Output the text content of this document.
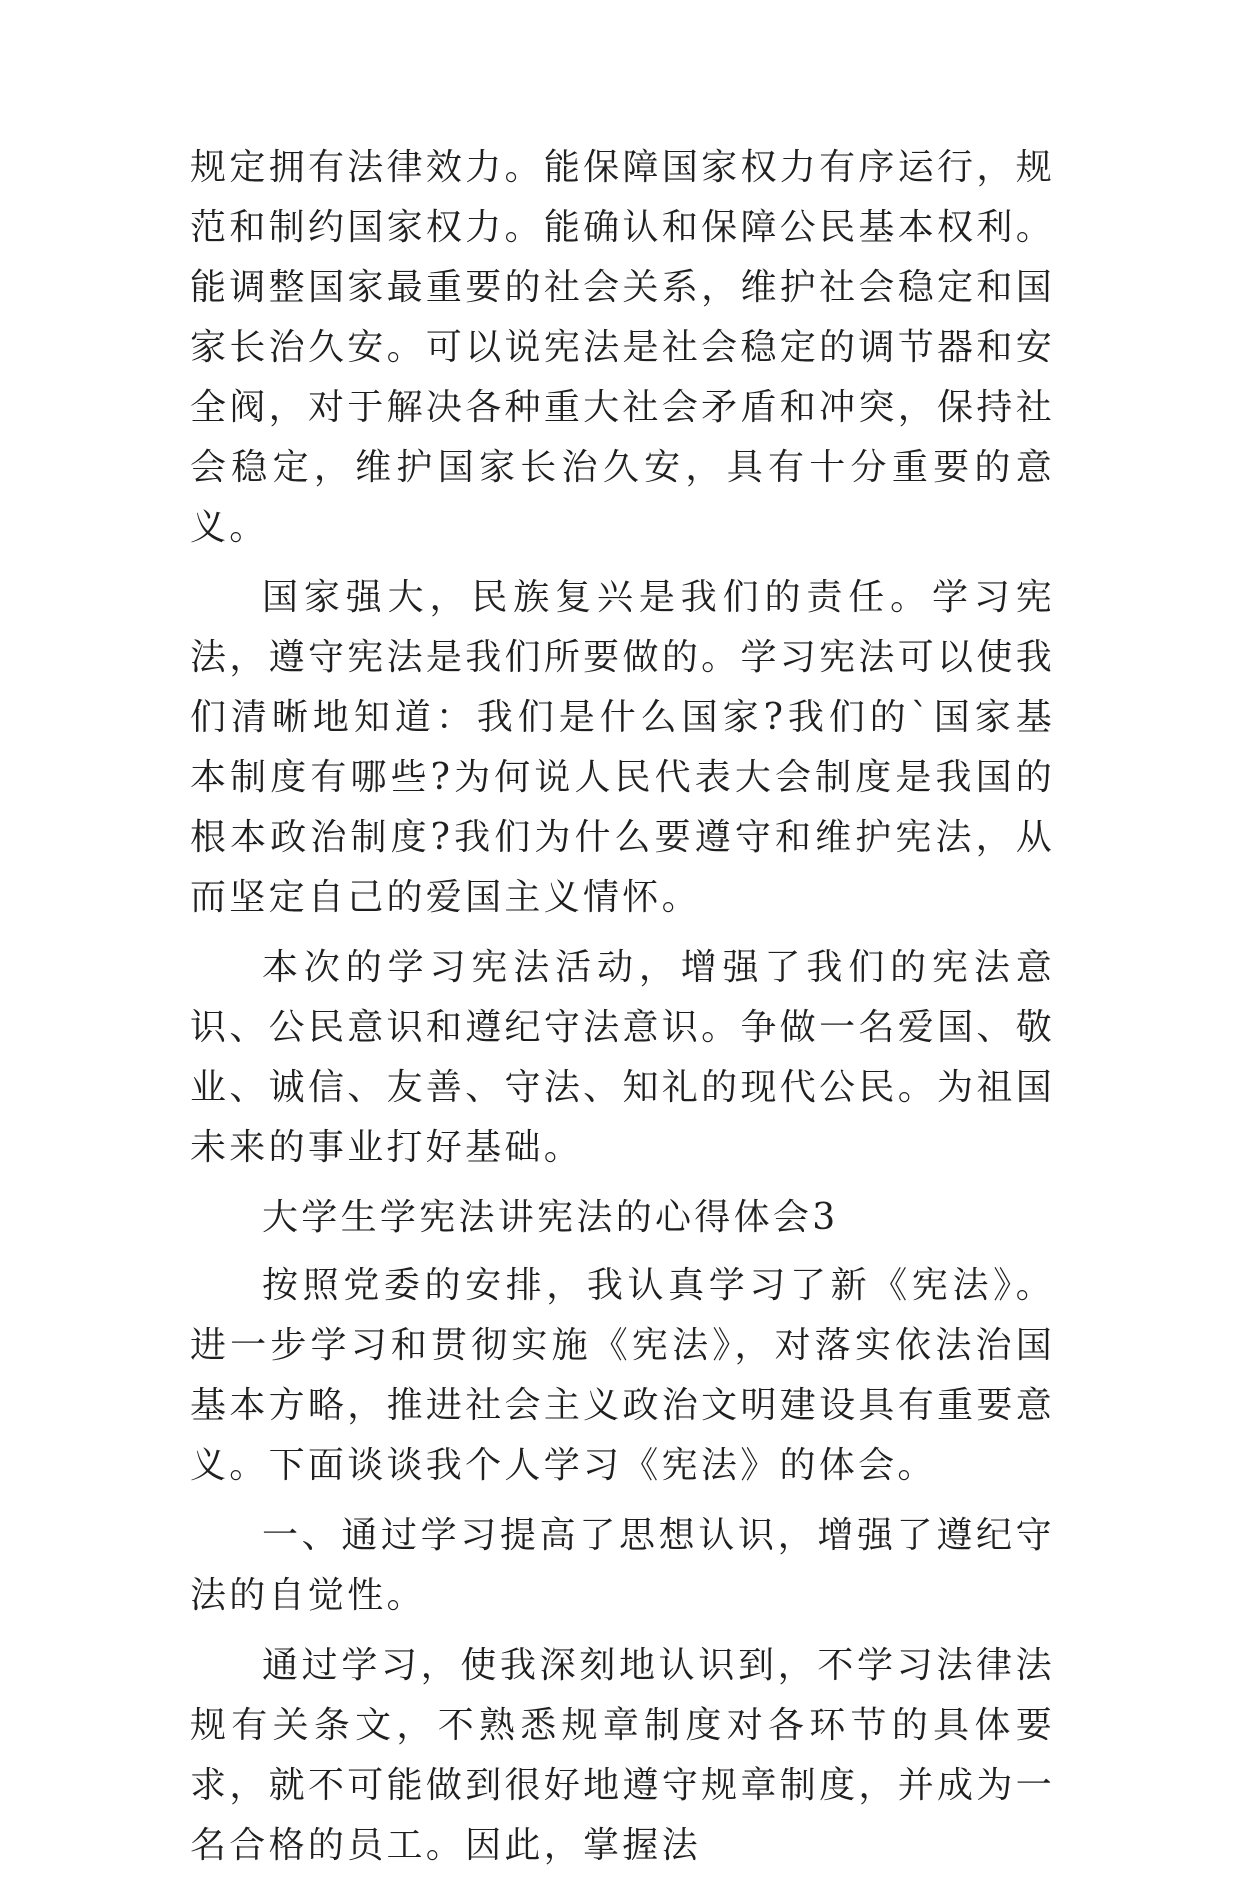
规定拥有法律效力。能保障国家权力有序运行，规范和制约国家权力。能确认和保障公民基本权利。能调整国家最重要的社会关系，维护社会稳定和国家长治久安。可以说宪法是社会稳定的调节器和安全阀，对于解决各种重大社会矛盾和冲突，保持社会稳定，维护国家长治久安，具有十分重要的意义。

国家强大，民族复兴是我们的责任。学习宪法，遵守宪法是我们所要做的。学习宪法可以使我们清晰地知道：我们是什么国家?我们的`国家基本制度有哪些?为何说人民代表大会制度是我国的根本政治制度?我们为什么要遵守和维护宪法，从而坚定自己的爱国主义情怀。

本次的学习宪法活动，增强了我们的宪法意识、公民意识和遵纪守法意识。争做一名爱国、敬业、诚信、友善、守法、知礼的现代公民。为祖国未来的事业打好基础。

大学生学宪法讲宪法的心得体会3

按照党委的安排，我认真学习了新《宪法》。进一步学习和贯彻实施《宪法》，对落实依法治国基本方略，推进社会主义政治文明建设具有重要意义。下面谈谈我个人学习《宪法》的体会。

一、通过学习提高了思想认识，增强了遵纪守法的自觉性。

通过学习，使我深刻地认识到，不学习法律法规有关条文，不熟悉规章制度对各环节的具体要求，就不可能做到很好地遵守规章制度，并成为一名合格的员工。因此，掌握法
